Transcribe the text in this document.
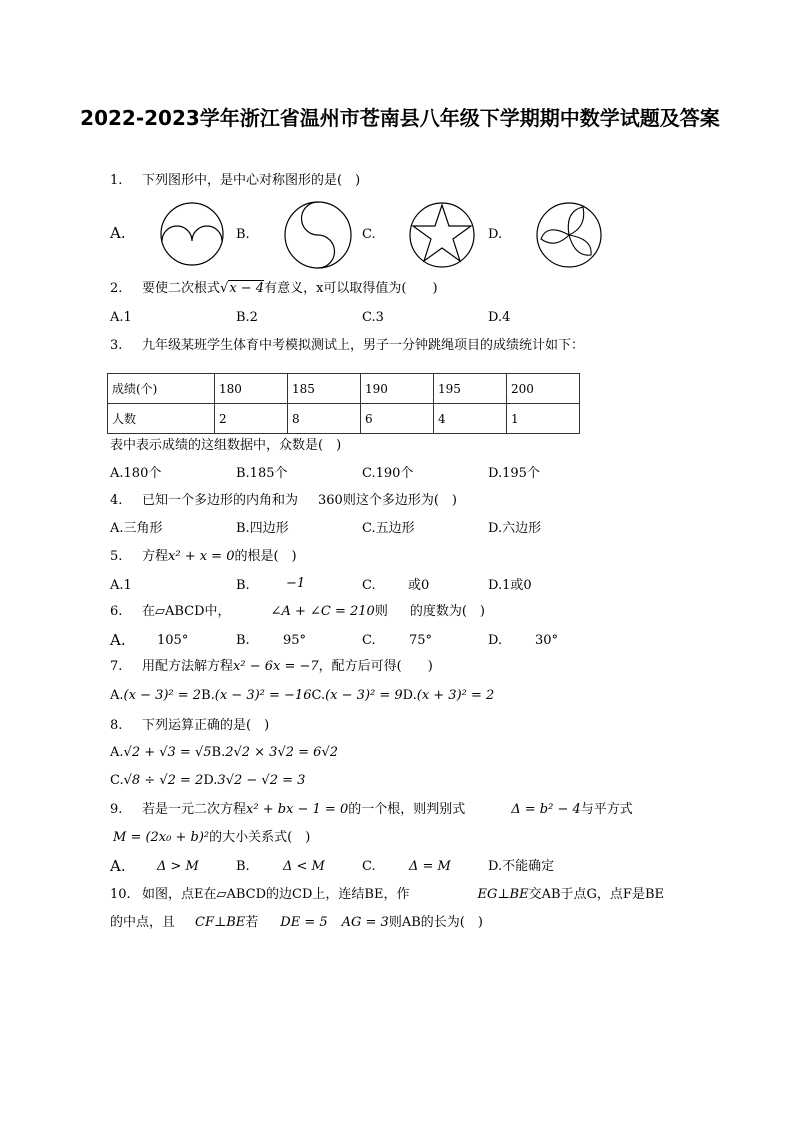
2022-2023学年浙江省温州市苍南县八年级下学期期中数学试题及答案
1. 下列图形中，是中心对称图形的是(　)
A.	B.	C.	D.
2. 要使二次根式√x − 4有意义，x可以取得值为(　　)
A.1	B.2	C.3	D.4
3. 九年级某班学生体育中考模拟测试上，男子一分钟跳绳项目的成绩统计如下：
成绩(个)	180	185	190	195	200
人数	2	8	6	4	1
表中表示成绩的这组数据中，众数是(　)
A.180个	B.185个	C.190个	D.195个
4. 已知一个多边形的内角和为 360则这个多边形为(　)
A.三角形	B.四边形	C.五边形	D.六边形
5. 方程x² + x = 0的根是(　)
A.1	B.	−1	C. 或0	D.1或0
6. 在▱ABCD中，	∠A + ∠C = 210则 的度数为(　)
A. 105°	B.	95°	C.	75°	D.	30°
7. 用配方法解方程x² − 6x = −7，配方后可得(　　)
A.(x − 3)² = 2B.(x − 3)² = −16C.(x − 3)² = 9D.(x + 3)² = 2
8. 下列运算正确的是(　)
A.√2 + √3 = √5B.2√2 × 3√2 = 6√2
C.√8 ÷ √2 = 2D.3√2 − √2 = 3
9. 若是一元二次方程x² + bx − 1 = 0的一个根，则判别式	Δ = b² − 4与平方式
M = (2x₀ + b)²的大小关系式(　)
A. Δ > M	B.	Δ < M	C.	Δ = M	D.不能确定
10. 如图，点E在▱ABCD的边CD上，连结BE，作	EG⊥BE交AB于点G，点F是BE
的中点，且 CF⊥BE若 DE = 5 AG = 3则AB的长为(　)
